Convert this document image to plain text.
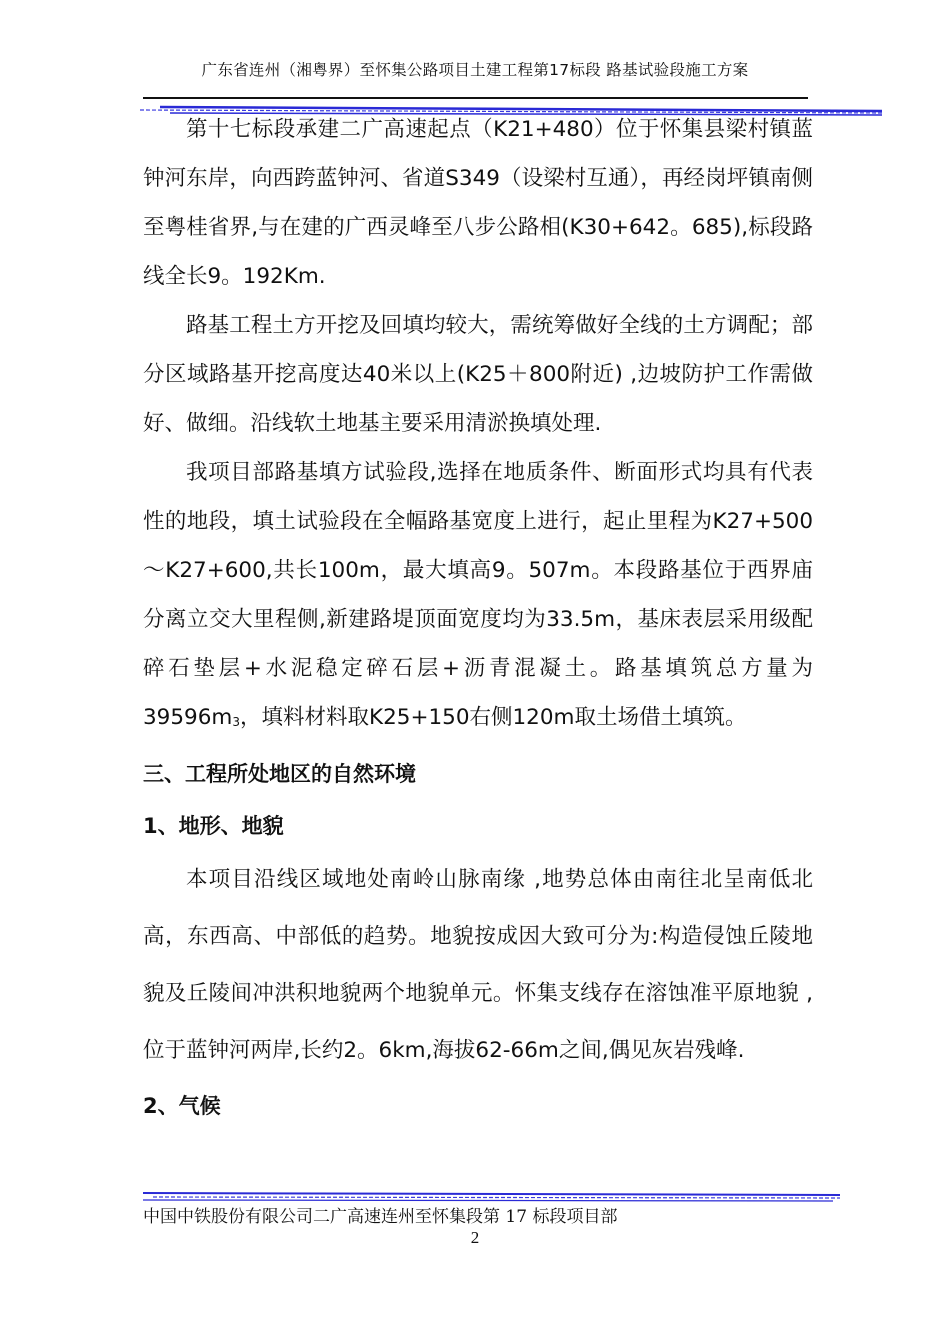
广东省连州（湘粤界）至怀集公路项目土建工程第17标段 路基试验段施工方案

第十七标段承建二广高速起点（K21+480）位于怀集县梁村镇蓝钟河东岸，向西跨蓝钟河、省道S349（设梁村互通），再经岗坪镇南侧至粤桂省界,与在建的广西灵峰至八步公路相(K30+642。685),标段路线全长9。192Km.

路基工程土方开挖及回填均较大，需统筹做好全线的土方调配；部分区域路基开挖高度达40米以上(K25＋800附近) ,边坡防护工作需做好、做细。沿线软土地基主要采用清淤换填处理.

我项目部路基填方试验段,选择在地质条件、断面形式均具有代表性的地段，填土试验段在全幅路基宽度上进行，起止里程为K27+500～K27+600,共长100m，最大填高9。507m。本段路基位于西界庙分离立交大里程侧,新建路堤顶面宽度均为33.5m，基床表层采用级配碎石垫层+水泥稳定碎石层+沥青混凝土。路基填筑总方量为$39596m_3$，填料材料取K25+150右侧120m取土场借土填筑。

三、工程所处地区的自然环境
1、地形、地貌

本项目沿线区域地处南岭山脉南缘 ,地势总体由南往北呈南低北高，东西高、中部低的趋势。地貌按成因大致可分为:构造侵蚀丘陵地貌及丘陵间冲洪积地貌两个地貌单元。怀集支线存在溶蚀准平原地貌 ,位于蓝钟河两岸,长约2。6km,海拔62-66m之间,偶见灰岩残峰.

2、气候
中国中铁股份有限公司二广高速连州至怀集段第 17 标段项目部
2
